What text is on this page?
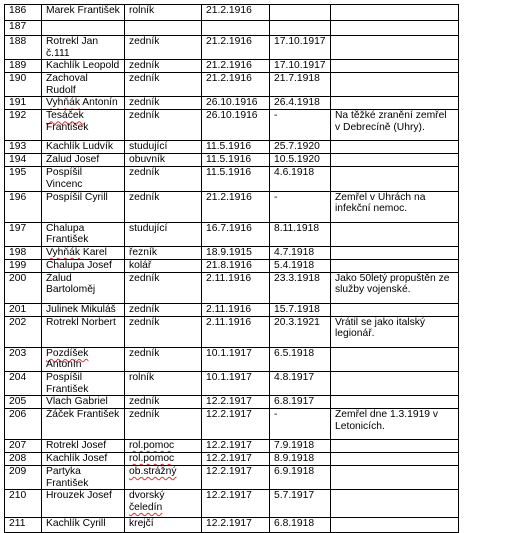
186	Marek František	rolník	21.2.1916		
187					
188	Rotrekl Jan č.111	zedník	21.2.1916	17.10.1917	
189	Kachlík Leopold	zedník	21.2.1916	17.10.1917	
190	Zachoval Rudolf	zedník	21.2.1916	21.7.1918	
191	Vyhňák Antonín	zedník	26.10.1916	26.4.1918	
192	Tesáček František	zedník	26.10.1916	-	Na těžké zranění zemřel v Debrecíně (Uhry).
193	Kachlík Ludvík	studující	11.5.1916	25.7.1920	
194	Žalud Josef	obuvník	11.5.1916	10.5.1920	
195	Pospíšil Vincenc	zedník	11.5.1916	4.6.1918	
196	Pospíšil Cyrill	zedník	21.2.1916	-	Zemřel v Uhrách na infekční nemoc.
197	Chalupa František	studující	16.7.1916	8.11.1918	
198	Vyhňák Karel	řezník	18.9.1915	4.7.1918	
199	Chalupa Josef	kolář	21.8.1916	5.4.1918	
200	Žalud Bartoloměj	zedník	2.11.1916	23.3.1918	Jako 50letý propuštěn ze služby vojenské.
201	Julinek Mikuláš	zedník	2.11.1916	15.7.1918	
202	Rotrekl Norbert	zedník	2.11.1916	20.3.1921	Vrátil se jako italský legionář.
203	Pozdíšek Antonín	zedník	10.1.1917	6.5.1918	
204	Pospíšil František	rolník	10.1.1917	4.8.1917	
205	Vlach Gabriel	zedník	12.2.1917	6.8.1917	
206	Žáček František	zedník	12.2.1917	-	Zemřel dne 1.3.1919 v Letonicích.
207	Rotrekl Josef	rol.pomoc	12.2.1917	7.9.1918	
208	Kachlík Josef	rol.pomoc	12.2.1917	8.9.1918	
209	Partyka František	ob.strážný	12.2.1917	6.9.1918	
210	Hrouzek Josef	dvorský čeledín	12.2.1917	5.7.1917	
211	Kachlík Cyrill	krejčí	12.2.1917	6.8.1918	
